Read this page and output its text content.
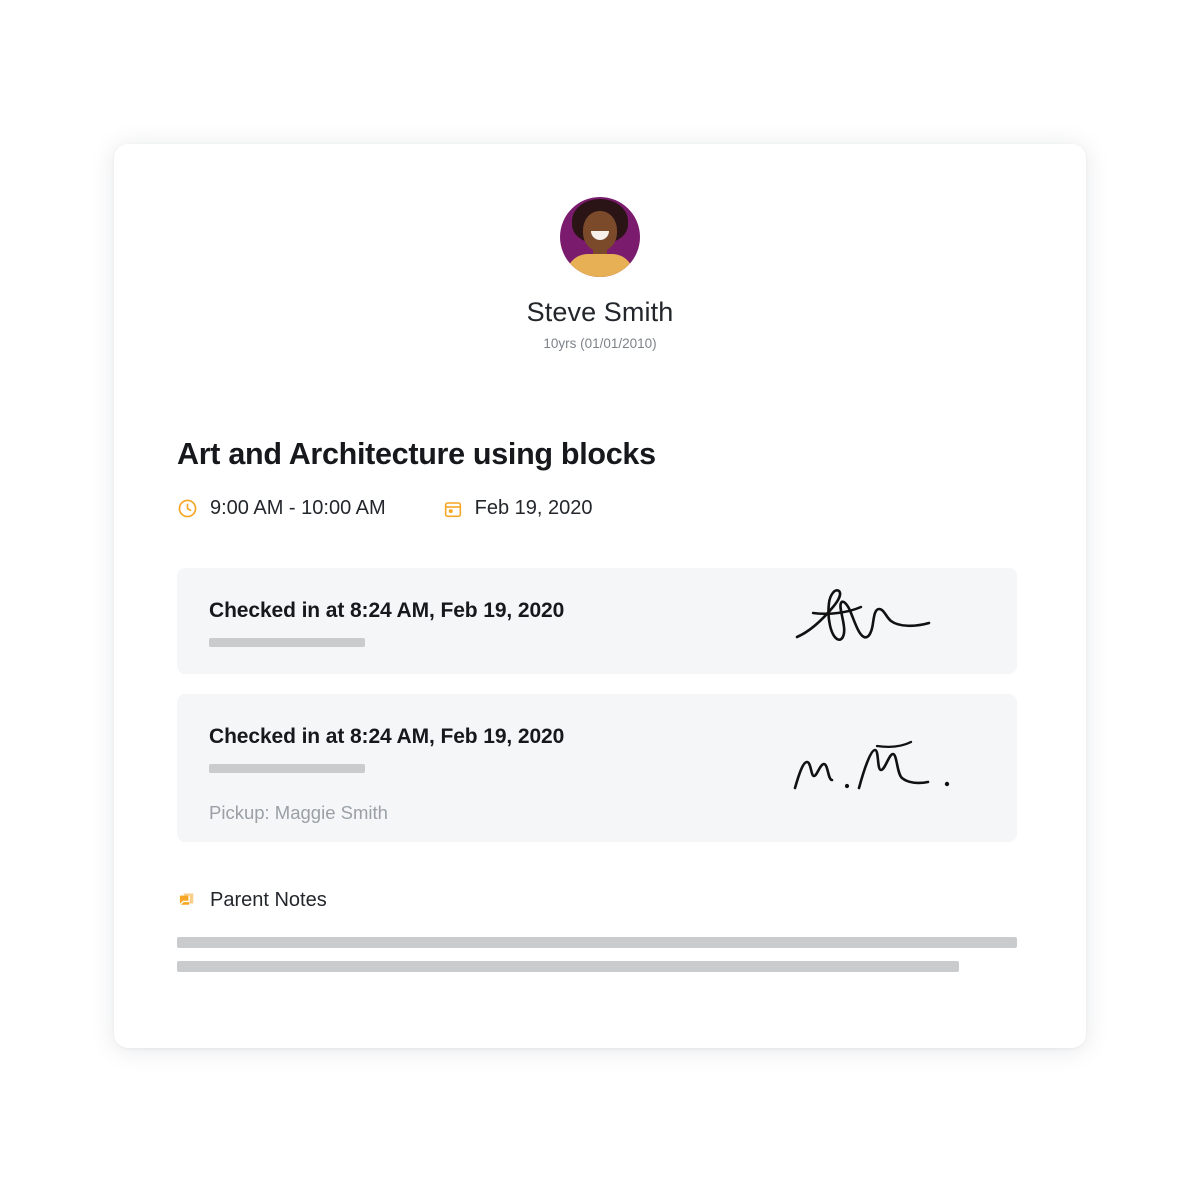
Steve Smith
10yrs (01/01/2010)
Art and Architecture using blocks
9:00 AM - 10:00 AM	Feb 19, 2020
Checked in at 8:24 AM, Feb 19, 2020
Checked in at 8:24 AM, Feb 19, 2020
Pickup: Maggie Smith
Parent Notes
